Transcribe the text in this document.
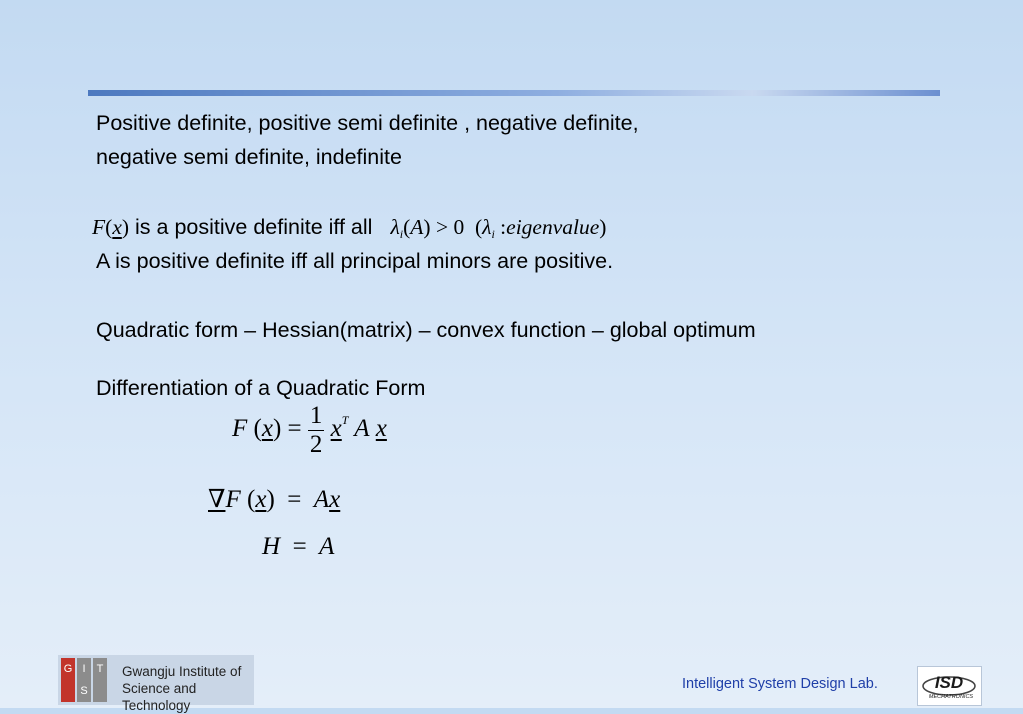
Positive definite, positive semi definite , negative definite,
negative semi definite, indefinite
F(x) is a positive definite iff all $\lambda_i(A) > 0$ ($\lambda_i$ :eigenvalue)
A is positive definite iff all principal minors are positive.
Quadratic form – Hessian(matrix) – convex function – global optimum
Differentiation of a Quadratic Form
F $(x) = \frac{1}{2} x^T$ A x
∇F (x)  = Ax
H = A
G I
S
T Gwangju Institute of
Science and Technology
Intelligent System Design Lab.	ISD
MECHATRONICS
